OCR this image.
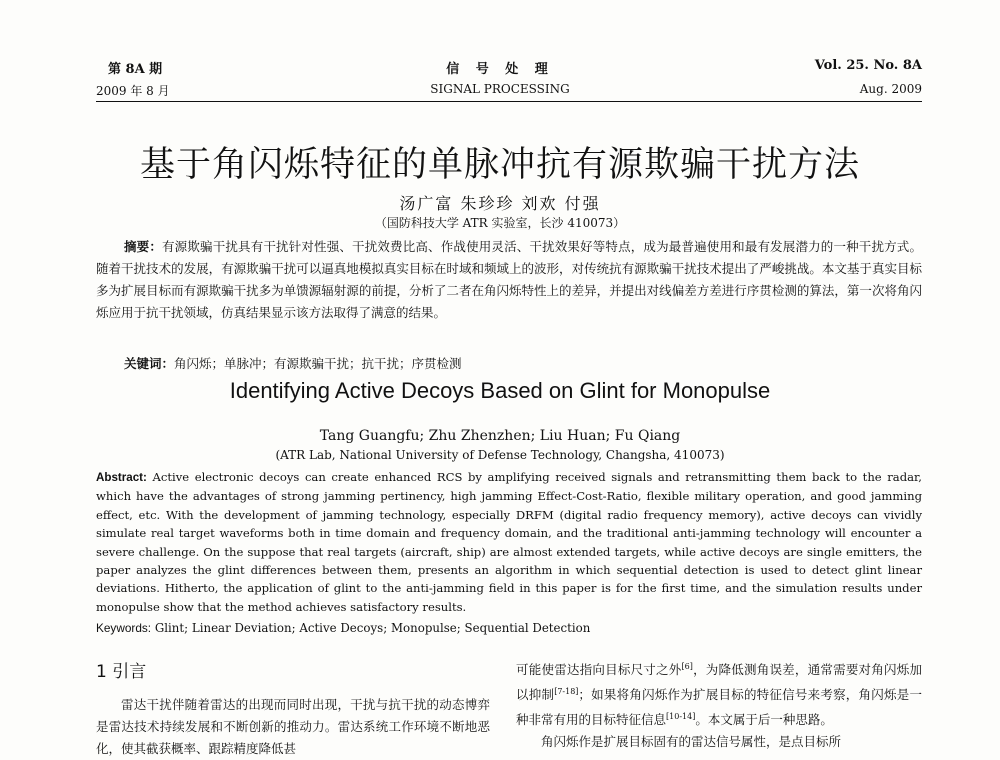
第 8A 期
2009 年 8 月
信 号 处 理
SIGNAL PROCESSING
Vol. 25. No. 8A
Aug. 2009
基于角闪烁特征的单脉冲抗有源欺骗干扰方法
汤广富 朱珍珍 刘欢 付强
（国防科技大学 ATR 实验室，长沙 410073）

摘要：有源欺骗干扰具有干扰针对性强、干扰效费比高、作战使用灵活、干扰效果好等特点，成为最普遍使用和最有发展潜力的一种干扰方式。随着干扰技术的发展，有源欺骗干扰可以逼真地模拟真实目标在时域和频域上的波形，对传统抗有源欺骗干扰技术提出了严峻挑战。本文基于真实目标多为扩展目标而有源欺骗干扰多为单馈源辐射源的前提，分析了二者在角闪烁特性上的差异，并提出对线偏差方差进行序贯检测的算法，第一次将角闪烁应用于抗干扰领域，仿真结果显示该方法取得了满意的结果。

关键词：角闪烁；单脉冲；有源欺骗干扰；抗干扰；序贯检测
Identifying Active Decoys Based on Glint for Monopulse
Tang Guangfu; Zhu Zhenzhen; Liu Huan; Fu Qiang
(ATR Lab, National University of Defense Technology, Changsha, 410073)

Abstract: Active electronic decoys can create enhanced RCS by amplifying received signals and retransmitting them back to the radar, which have the advantages of strong jamming pertinency, high jamming Effect-Cost-Ratio, flexible military operation, and good jamming effect, etc. With the development of jamming technology, especially DRFM (digital radio frequency memory), active decoys can vividly simulate real target waveforms both in time domain and frequency domain, and the traditional anti-jamming technology will encounter a severe challenge. On the suppose that real targets (aircraft, ship) are almost extended targets, while active decoys are single emitters, the paper analyzes the glint differences between them, presents an algorithm in which sequential detection is used to detect glint linear deviations. Hitherto, the application of glint to the anti-jamming field in this paper is for the first time, and the simulation results under monopulse show that the method achieves satisfactory results.

Keywords: Glint; Linear Deviation; Active Decoys; Monopulse; Sequential Detection
1 引言

雷达干扰伴随着雷达的出现而同时出现，干扰与抗干扰的动态博弈是雷达技术持续发展和不断创新的推动力。雷达系统工作环境不断地恶化，使其截获概率、跟踪精度降低甚

可能使雷达指向目标尺寸之外[6]，为降低测角误差，通常需要对角闪烁加以抑制[7-18]；如果将角闪烁作为扩展目标的特征信号来考察，角闪烁是一种非常有用的目标特征信息[10-14]。本文属于后一种思路。
角闪烁作是扩展目标固有的雷达信号属性，是点目标所
